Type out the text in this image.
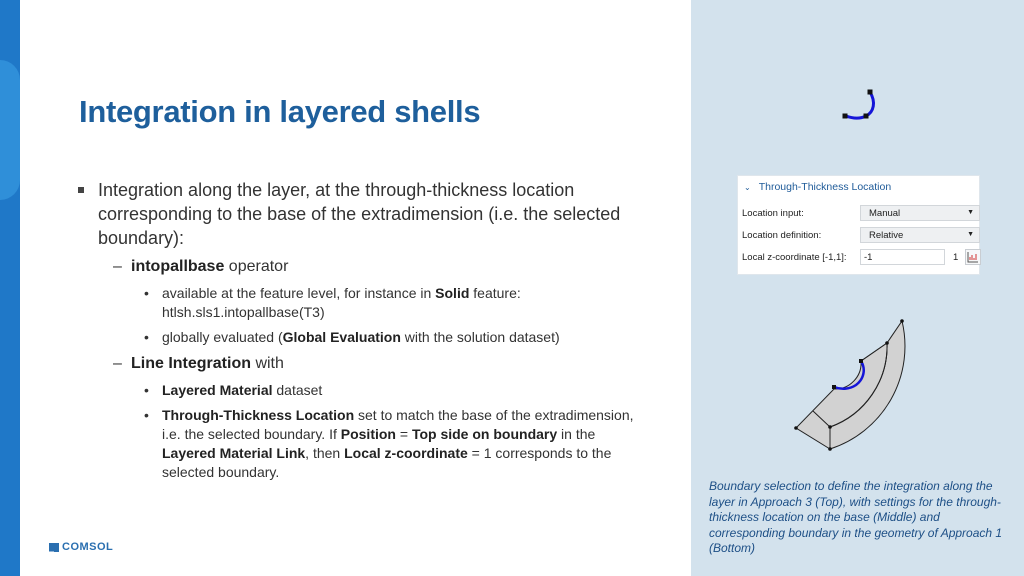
Integration in layered shells
Integration along the layer, at the through-thickness location corresponding to the base of the extradimension (i.e. the selected boundary):
– intopallbase operator
• available at the feature level, for instance in Solid feature: htlsh.sls1.intopallbase(T3)
• globally evaluated (Global Evaluation with the solution dataset)
– Line Integration with
• Layered Material dataset
• Through-Thickness Location set to match the base of the extradimension, i.e. the selected boundary. If Position = Top side on boundary in the Layered Material Link, then Local z-coordinate = 1 corresponds to the selected boundary.
COMSOL
⌄ Through-Thickness Location
Location input:	Manual	▼
Location definition:	Relative	▼
Local z-coordinate [-1,1]:	-1	1

Boundary selection to define the integration along the layer in Approach 3 (Top), with settings for the through-thickness location on the base (Middle) and corresponding boundary in the geometry of Approach 1 (Bottom)
